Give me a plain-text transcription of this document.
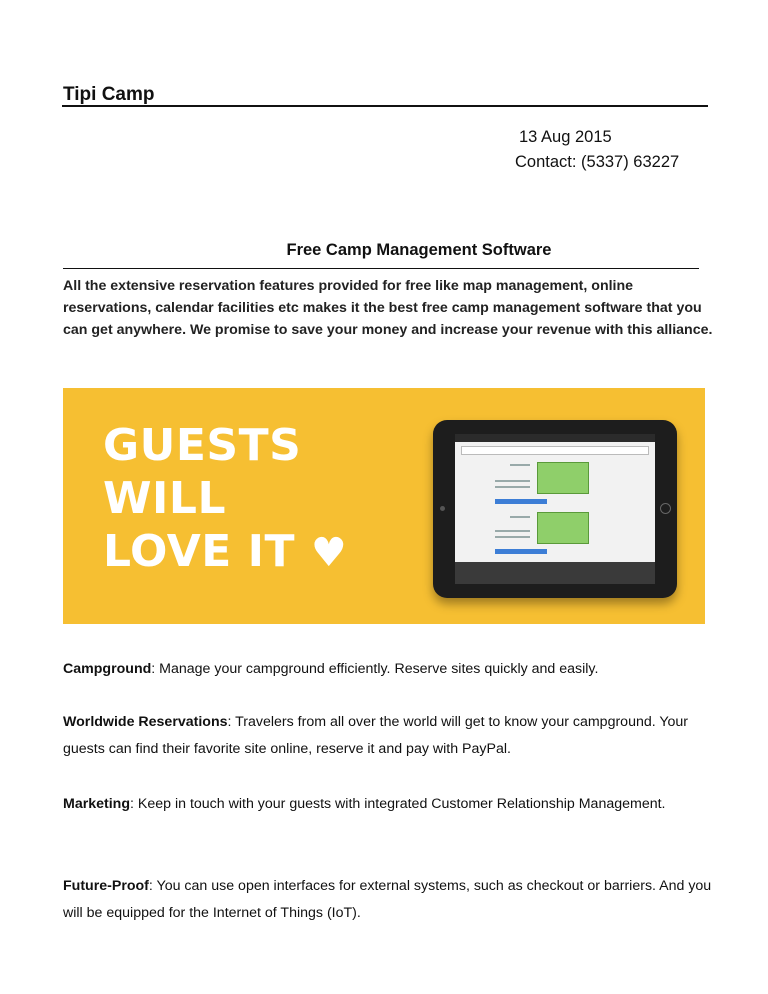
Tipi Camp
13 Aug 2015
Contact: (5337) 63227
Free Camp Management Software
All the extensive reservation features provided for free like map management, online reservations, calendar facilities etc makes it the best free camp management software that you can get anywhere. We promise to save your money and increase your revenue with this alliance.
GUESTS
WILL
LOVE IT ♥
Campground: Manage your campground efficiently. Reserve sites quickly and easily.
Worldwide Reservations: Travelers from all over the world will get to know your campground. Your guests can find their favorite site online, reserve it and pay with PayPal.
Marketing: Keep in touch with your guests with integrated Customer Relationship Management.
Future-Proof: You can use open interfaces for external systems, such as checkout or barriers. And you will be equipped for the Internet of Things (IoT).
